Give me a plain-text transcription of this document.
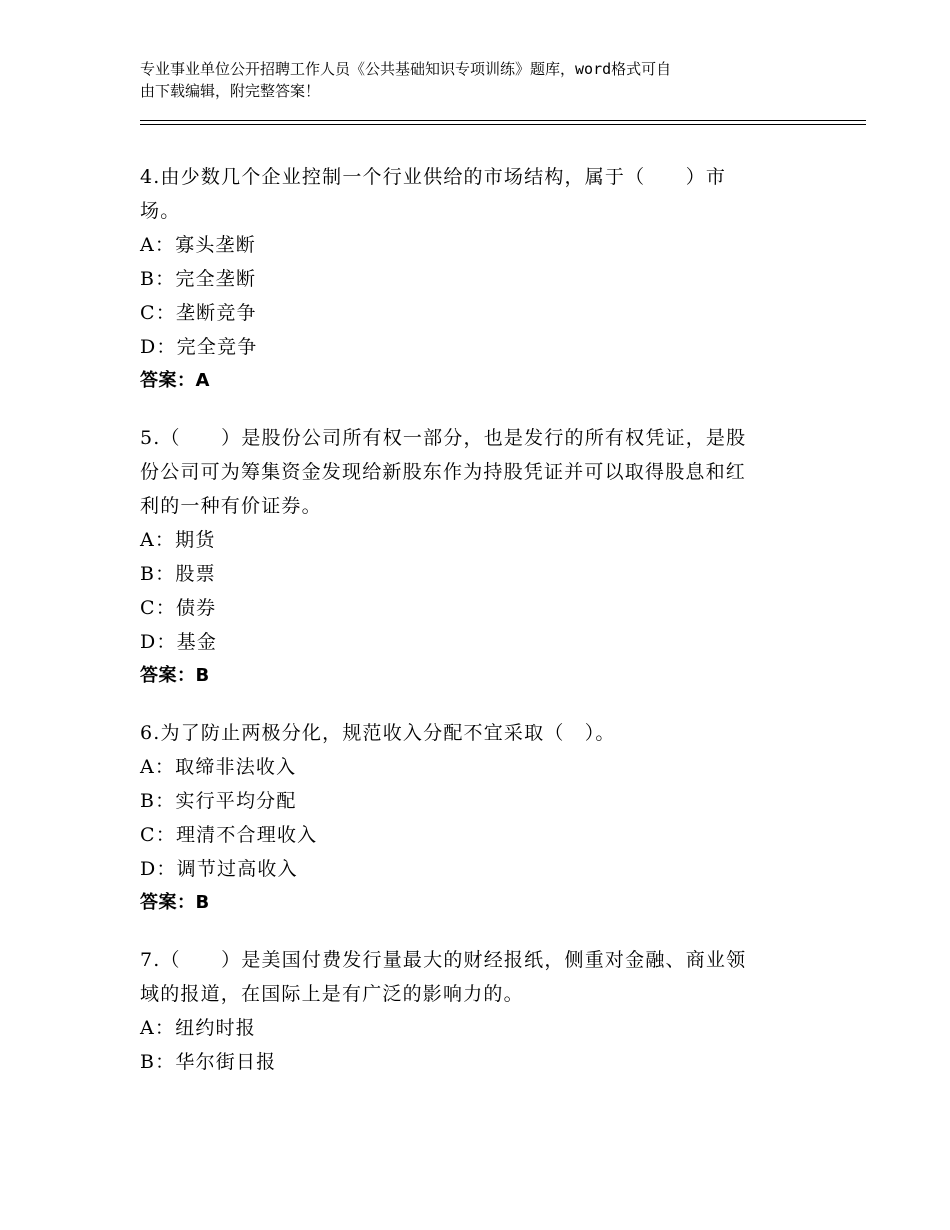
专业事业单位公开招聘工作人员《公共基础知识专项训练》题库，word格式可自
由下载编辑，附完整答案！

4.由少数几个企业控制一个行业供给的市场结构，属于（　　）市

场。

A：寡头垄断

B：完全垄断

C：垄断竞争

D：完全竞争

答案：A

5.（　　）是股份公司所有权一部分，也是发行的所有权凭证，是股

份公司可为筹集资金发现给新股东作为持股凭证并可以取得股息和红

利的一种有价证券。

A：期货

B：股票

C：债券

D：基金

答案：B

6.为了防止两极分化，规范收入分配不宜采取（　）。

A：取缔非法收入

B：实行平均分配

C：理清不合理收入

D：调节过高收入

答案：B

7.（　　）是美国付费发行量最大的财经报纸，侧重对金融、商业领

域的报道，在国际上是有广泛的影响力的。

A：纽约时报

B：华尔街日报
